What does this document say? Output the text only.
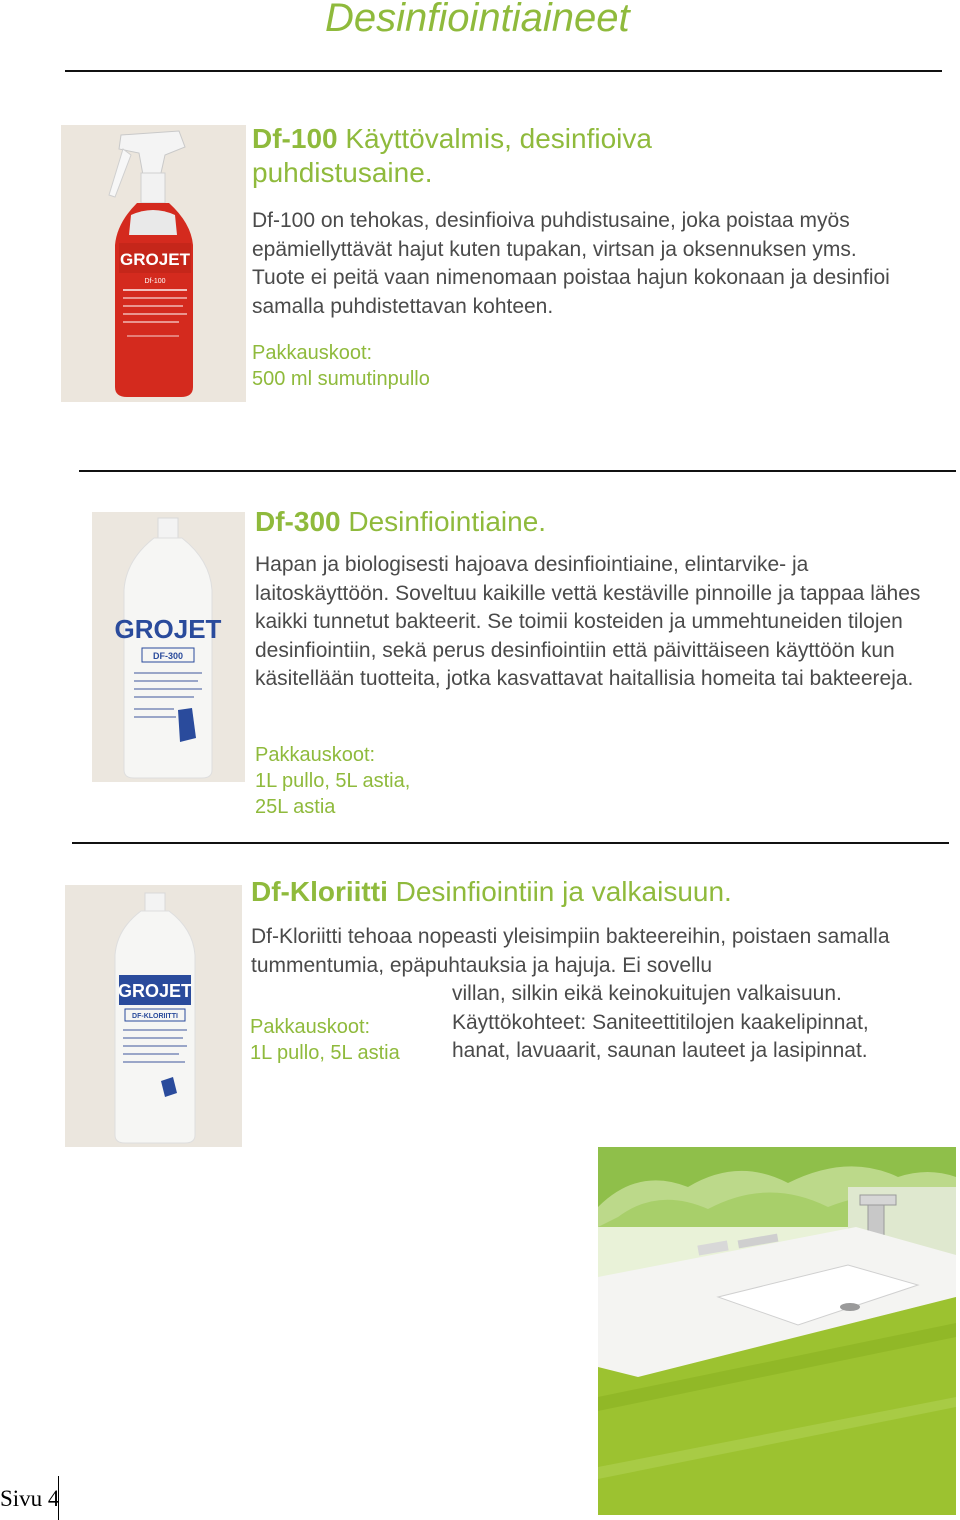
Desinfiointiaineet
GROJET
Df-100
Df-100 Käyttövalmis, desinfioiva puhdistusaine.
Df-100 on tehokas, desinfioiva puhdistusaine, joka poistaa myös epämiellyttävät hajut kuten tupakan, virtsan ja oksennuksen yms. Tuote ei peitä vaan nimenomaan poistaa hajun kokonaan ja desinfioi samalla puhdistettavan kohteen.
Pakkauskoot:
500 ml sumutinpullo
GROJET
DF-300
Df-300 Desinfiointiaine.
Hapan ja biologisesti hajoava desinfiointiaine, elintarvike- ja laitoskäyttöön. Soveltuu kaikille vettä kestäville pinnoille ja tappaa lähes kaikki tunnetut bakteerit. Se toimii kosteiden ja ummehtuneiden tilojen desinfiointiin, sekä perus desinfiointiin että päivittäiseen käyttöön kun käsitellään tuotteita, jotka kasvattavat haitallisia homeita tai bakteereja.
Pakkauskoot:
1L pullo, 5L astia,
25L astia
GROJET
DF-KLORIITTI
Df-Kloriitti Desinfiointiin ja valkaisuun.
Df-Kloriitti tehoaa nopeasti yleisimpiin bakteereihin, poistaen samalla tummentumia, epäpuhtauksia ja hajuja. Ei sovellu
villan, silkin eikä keinokuitujen valkaisuun. Käyttökohteet: Saniteettitilojen kaakelipinnat, hanat, lavuaarit, saunan lauteet ja lasipinnat.
Pakkauskoot:
1L pullo, 5L astia
Sivu 4
